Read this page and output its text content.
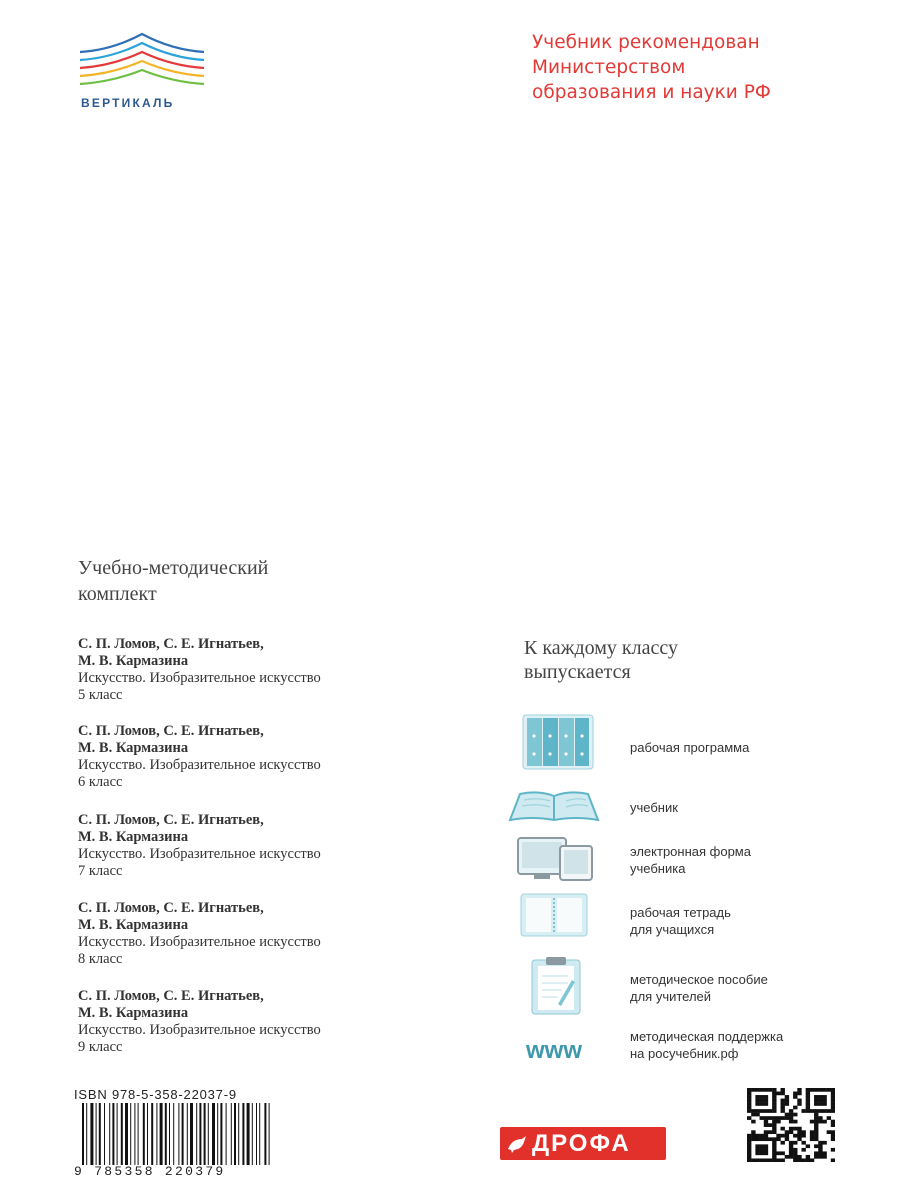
ВЕРТИКАЛЬ
Учебник рекомендован
Министерством
образования и науки РФ
Учебно-методический
комплект
С. П. Ломов, С. Е. Игнатьев,
М. В. Кармазина
Искусство. Изобразительное искусство
5 класс
С. П. Ломов, С. Е. Игнатьев,
М. В. Кармазина
Искусство. Изобразительное искусство
6 класс
С. П. Ломов, С. Е. Игнатьев,
М. В. Кармазина
Искусство. Изобразительное искусство
7 класс
С. П. Ломов, С. Е. Игнатьев,
М. В. Кармазина
Искусство. Изобразительное искусство
8 класс
С. П. Ломов, С. Е. Игнатьев,
М. В. Кармазина
Искусство. Изобразительное искусство
9 класс
К каждому классу
выпускается
рабочая программа
учебник
электронная форма
учебника
рабочая тетрадь
для учащихся
методическое пособие
для учителей
www
методическая поддержка
на росучебник.рф
ISBN 978-5-358-22037-9
9 785358 220379
ДРОФА
